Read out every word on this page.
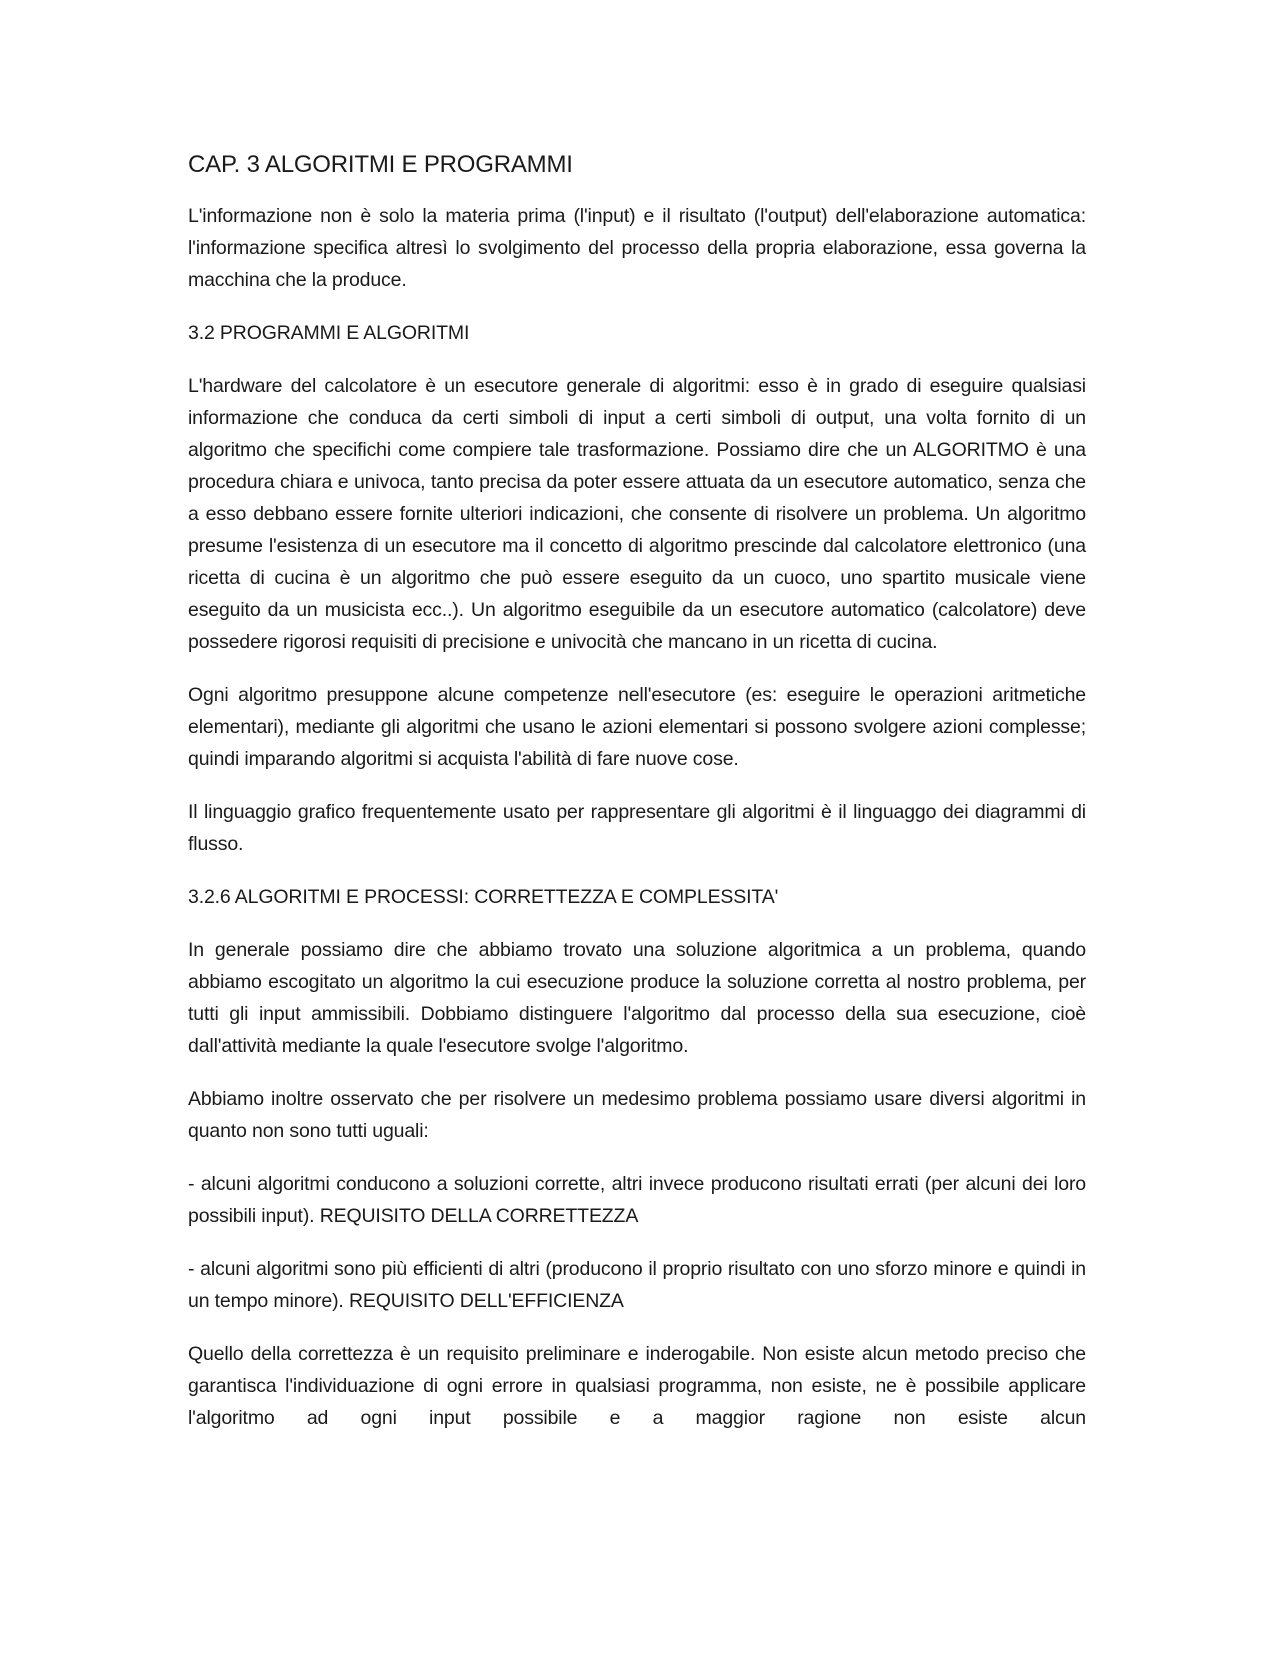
CAP. 3 ALGORITMI E PROGRAMMI

L'informazione non è solo la materia prima (l'input) e il risultato (l'output) dell'elaborazione automatica: l'informazione specifica altresì lo svolgimento del processo della propria elaborazione, essa governa la macchina che la produce.

3.2 PROGRAMMI E ALGORITMI

L'hardware del calcolatore è un esecutore generale di algoritmi: esso è in grado di eseguire qualsiasi informazione che conduca da certi simboli di input a certi simboli di output, una volta fornito di un algoritmo che specifichi come compiere tale trasformazione. Possiamo dire che un ALGORITMO è una procedura chiara e univoca, tanto precisa da poter essere attuata da un esecutore automatico, senza che a esso debbano essere fornite ulteriori indicazioni, che consente di risolvere un problema. Un algoritmo presume l'esistenza di un esecutore ma il concetto di algoritmo prescinde dal calcolatore elettronico (una ricetta di cucina è un algoritmo che può essere eseguito da un cuoco, uno spartito musicale viene eseguito da un musicista ecc..). Un algoritmo eseguibile da un esecutore automatico (calcolatore) deve possedere rigorosi requisiti di precisione e univocità che mancano in un ricetta di cucina.

Ogni algoritmo presuppone alcune competenze nell'esecutore (es: eseguire le operazioni aritmetiche elementari), mediante gli algoritmi che usano le azioni elementari si possono svolgere azioni complesse; quindi imparando algoritmi si acquista l'abilità di fare nuove cose.

Il linguaggio grafico frequentemente usato per rappresentare gli algoritmi è il linguaggo dei diagrammi di flusso.

3.2.6 ALGORITMI E PROCESSI: CORRETTEZZA E COMPLESSITA'

In generale possiamo dire che abbiamo trovato una soluzione algoritmica a un problema, quando abbiamo escogitato un algoritmo la cui esecuzione produce la soluzione corretta al nostro problema, per tutti gli input ammissibili. Dobbiamo distinguere l'algoritmo dal processo della sua esecuzione, cioè dall'attività mediante la quale l'esecutore svolge l'algoritmo.

Abbiamo inoltre osservato che per risolvere un medesimo problema possiamo usare diversi algoritmi in quanto non sono tutti uguali:

- alcuni algoritmi conducono a soluzioni corrette, altri invece producono risultati errati (per alcuni dei loro possibili input). REQUISITO DELLA CORRETTEZZA

- alcuni algoritmi sono più efficienti di altri (producono il proprio risultato con uno sforzo minore e quindi in un tempo minore). REQUISITO DELL'EFFICIENZA

Quello della correttezza è un requisito preliminare e inderogabile. Non esiste alcun metodo preciso che garantisca l'individuazione di ogni errore in qualsiasi programma, non esiste, ne è possibile applicare l'algoritmo ad ogni input possibile e a maggior ragione non esiste alcun
